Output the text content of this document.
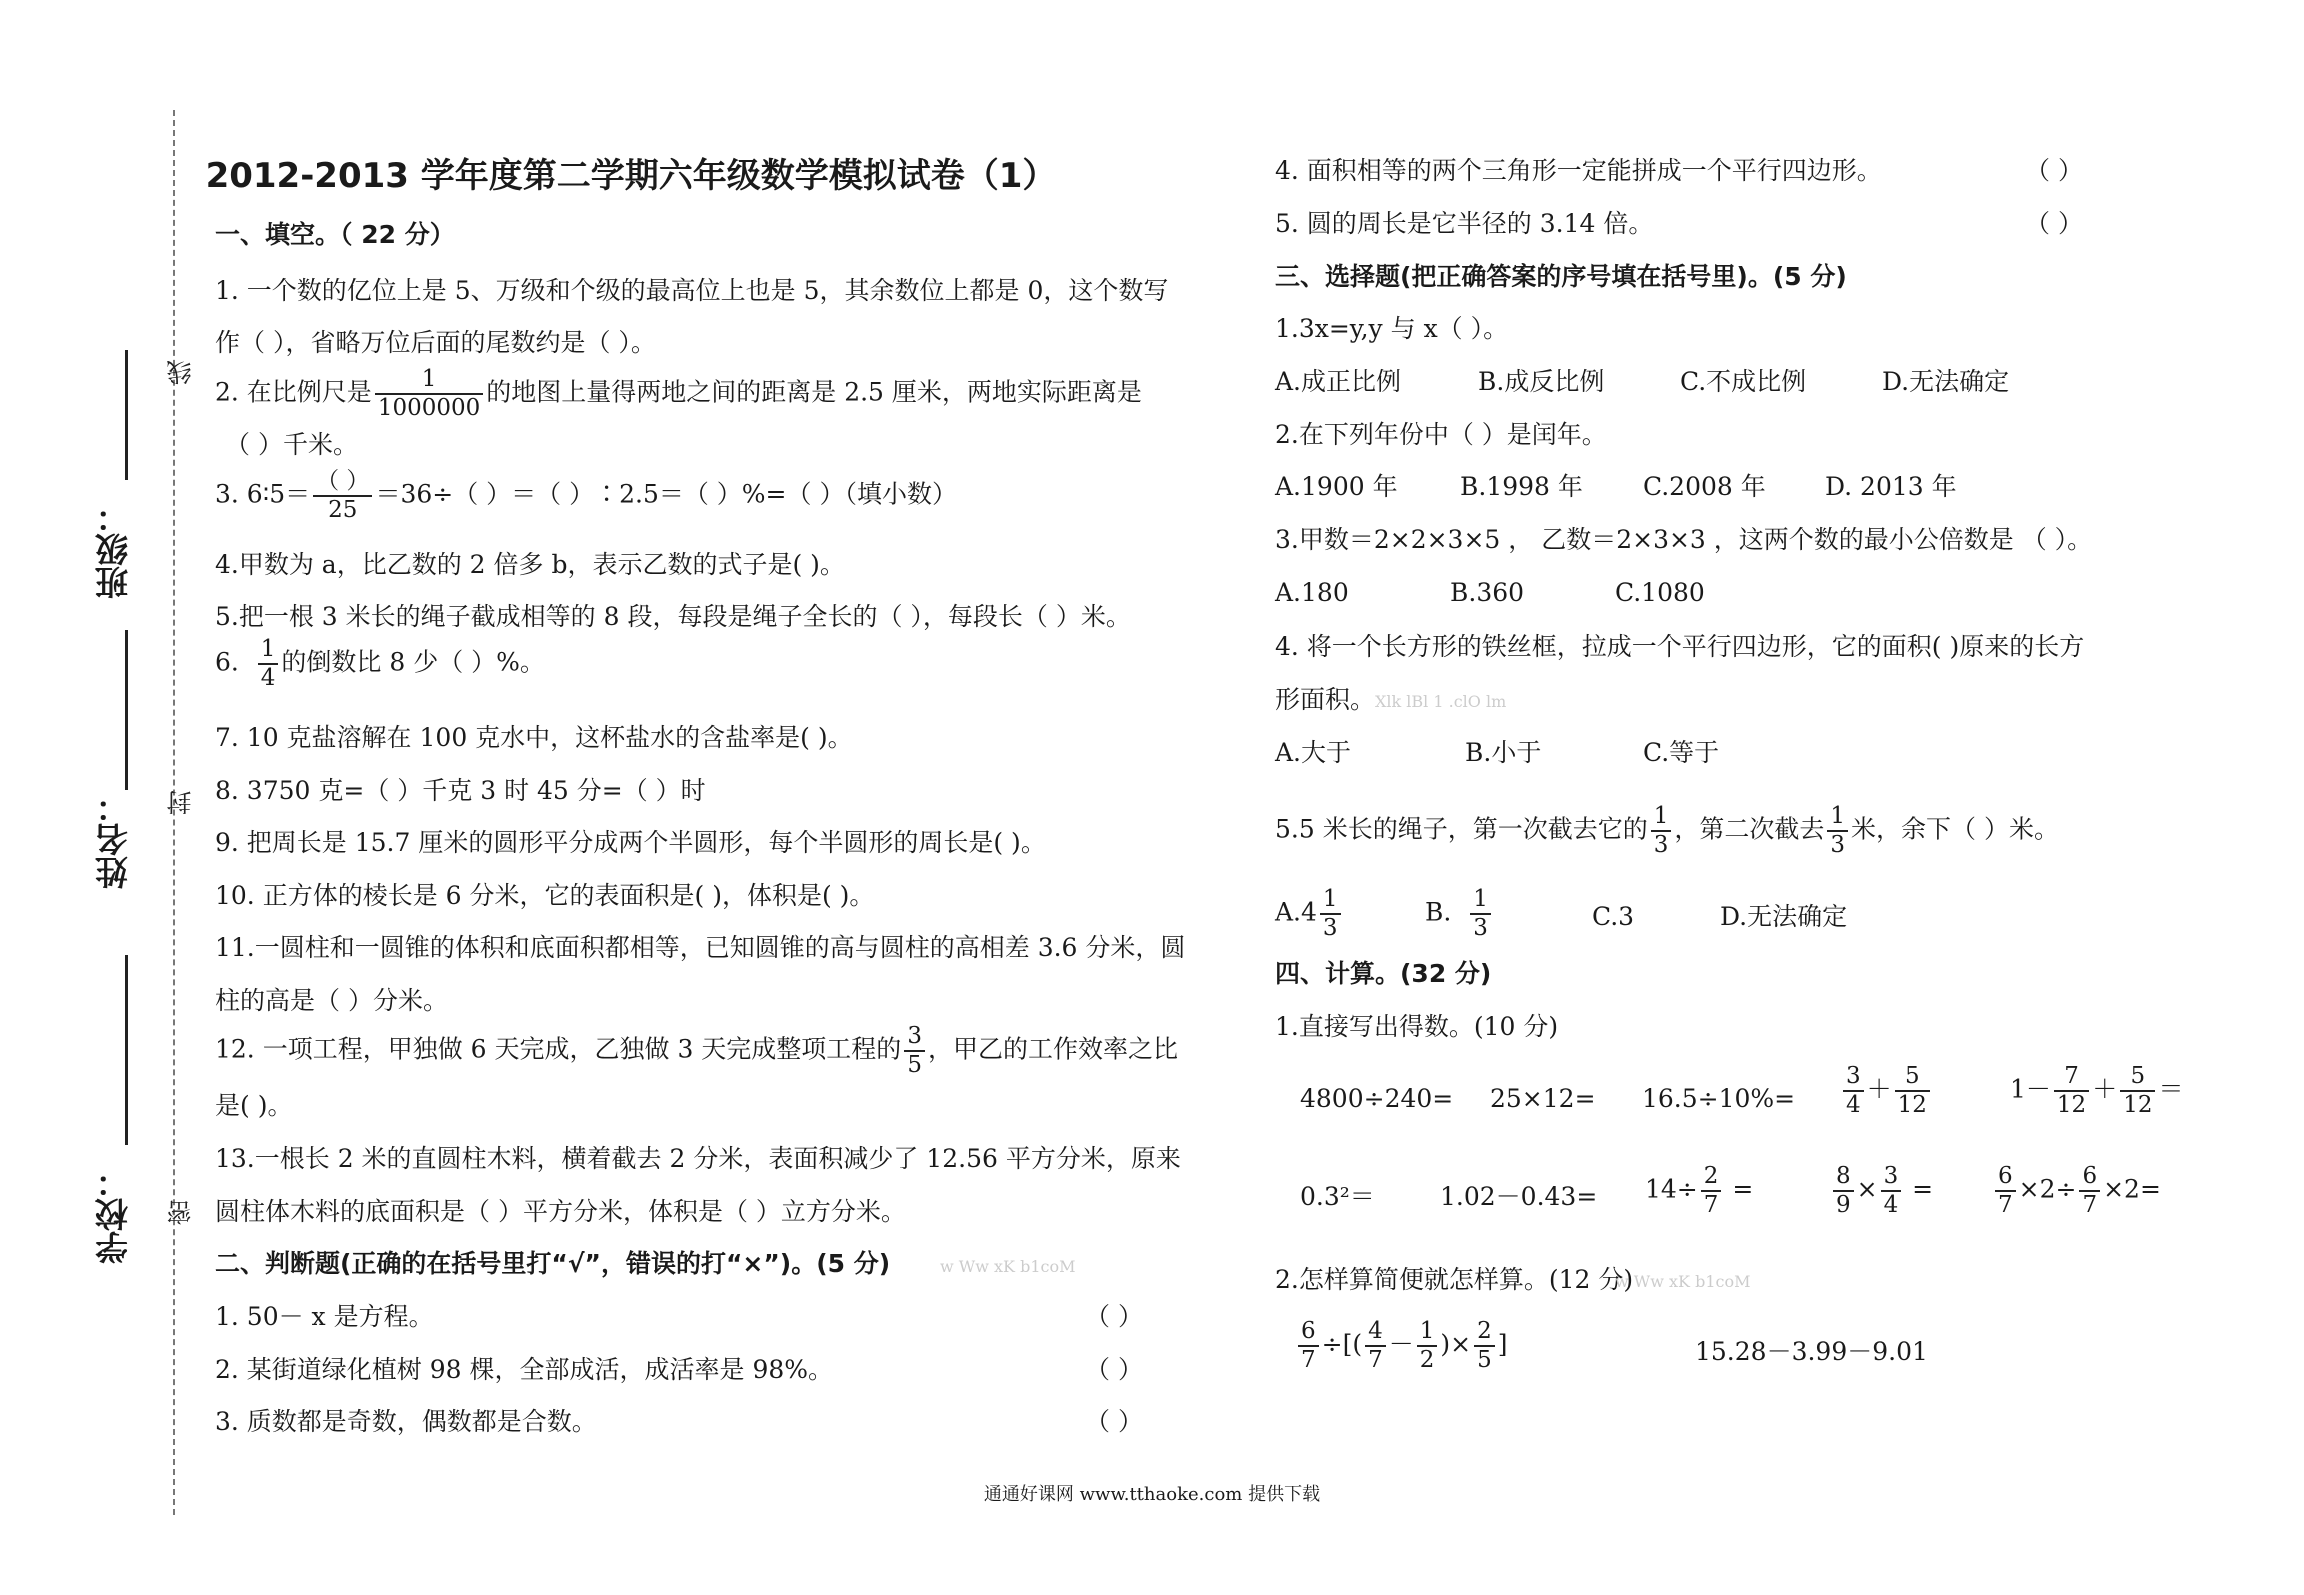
线
封
密
班级：
姓名：
学校：
2012-2013 学年度第二学期六年级数学模拟试卷（1）
一、填空。（ 22 分）
1. 一个数的亿位上是 5、万级和个级的最高位上也是 5，其余数位上都是 0，这个数写
作（ ），省略万位后面的尾数约是（ ）。
2. 在比例尺是 $\frac{1}{1000000}$ 的地图上量得两地之间的距离是 2.5 厘米，两地实际距离是
（ ）千米。
3. 6∶5＝ $\frac{( )}{25} =36\div$（ ）＝（ ）∶2.5＝（ ）%=（ ）（填小数）
4.甲数为 a，比乙数的 2 倍多 b，表示乙数的式子是( )。
5.把一根 3 米长的绳子截成相等的 8 段，每段是绳子全长的（ ），每段长（ ）米。
6. $\frac{1}{4}$ 的倒数比 8 少（ ）%。
7. 10 克盐溶解在 100 克水中，这杯盐水的含盐率是( )。
8. 3750 克=（ ）千克 3 时 45 分=（ ）时
9. 把周长是 15.7 厘米的圆形平分成两个半圆形，每个半圆形的周长是( )。
10. 正方体的棱长是 6 分米，它的表面积是( )，体积是( )。
11.一圆柱和一圆锥的体积和底面积都相等，已知圆锥的高与圆柱的高相差 3.6 分米，圆
柱的高是（ ）分米。
12. 一项工程，甲独做 6 天完成，乙独做 3 天完成整项工程的 $\frac{3}{5}$ ，甲乙的工作效率之比
是( )。
13.一根长 2 米的直圆柱木料，横着截去 2 分米，表面积减少了 12.56 平方分米，原来
圆柱体木料的底面积是（ ）平方分米，体积是（ ）立方分米。
二、判断题(正确的在括号里打“√”，错误的打“×”)。(5 分)	w Ww xK b1coM
1. 50－ x 是方程。	（ ）
2. 某街道绿化植树 98 棵，全部成活，成活率是 98%。	（ ）
3. 质数都是奇数，偶数都是合数。	（ ）
4. 面积相等的两个三角形一定能拼成一个平行四边形。	（ ）
5. 圆的周长是它半径的 3.14 倍。	（ ）
三、选择题(把正确答案的序号填在括号里)。(5 分)
1.3x=y,y 与 x（ ）。
A.成正比例	B.成反比例	C.不成比例	D.无法确定
2.在下列年份中（ ）是闰年。
A.1900 年 B.1998 年 C.2008 年 D. 2013 年
3.甲数＝2×2×3×5 ， 乙数＝2×3×3 ，这两个数的最小公倍数是 （ ）。
A.180	B.360	C.1080
4. 将一个长方形的铁丝框，拉成一个平行四边形，它的面积( )原来的长方
形面积。 Xlk lBl 1 .clO lm
A.大于	B.小于	C.等于
5.5 米长的绳子，第一次截去它的 $\frac{1}{3}$ ，第二次截去 $\frac{1}{3}$ 米，余下（ ）米。
$A.4 \frac{1}{3}$	B. $\frac{1}{3}$	C.3	D.无法确定
四、计算。(32 分)
1.直接写出得数。(10 分)
$4800\div 240= 25\times 12= 16.5\div 10\%= \frac{3}{4} + \frac{5}{12}$	$1- \frac{7}{12} + \frac{5}{12}$ ＝
0.3²＝	$1.02-0.43= 14\div \frac{2}{7}$ =	$\frac{8}{9} \times \frac{3}{4}$ =	$\frac{6}{7} \times 2\div \frac{6}{7} \times 2=$
2.怎样算简便就怎样算。(12 分)
w Ww xK b1coM
$\frac{6}{7}$ ÷[( $\frac{4}{7} - \frac{1}{2}$ )× $\frac{2}{5}$ ]	15.28－3.99－9.01
通通好课网 www.tthaoke.com 提供下载
